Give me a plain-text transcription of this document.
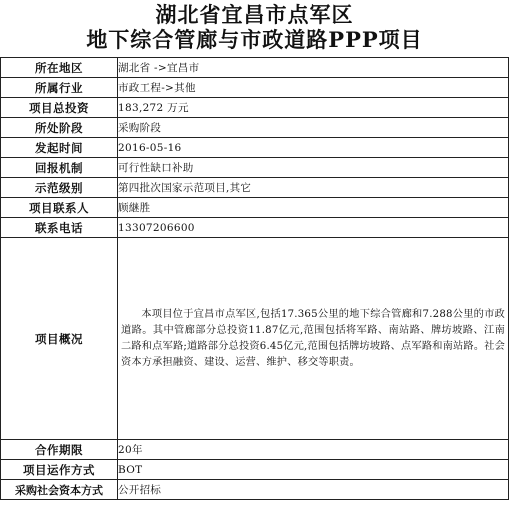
湖北省宜昌市点军区
地下综合管廊与市政道路PPP项目
所在地区	湖北省 ->宜昌市
所属行业	市政工程->其他
项目总投资	183,272 万元
所处阶段	采购阶段
发起时间	2016-05-16
回报机制	可行性缺口补助
示范级别	第四批次国家示范项目,其它
项目联系人	顾継胜
联系电话	13307206600
项目概况	本项目位于宜昌市点军区,包括17.365公里的地下综合管廊和7.288公里的市政道路。其中管廊部分总投资11.87亿元,范围包括将军路、南站路、牌坊坡路、江南二路和点军路;道路部分总投资6.45亿元,范围包括牌坊坡路、点军路和南站路。社会资本方承担融资、建设、运营、维护、移交等职责。

合作期限	20年
项目运作方式	BOT
采购社会资本方式	公开招标
